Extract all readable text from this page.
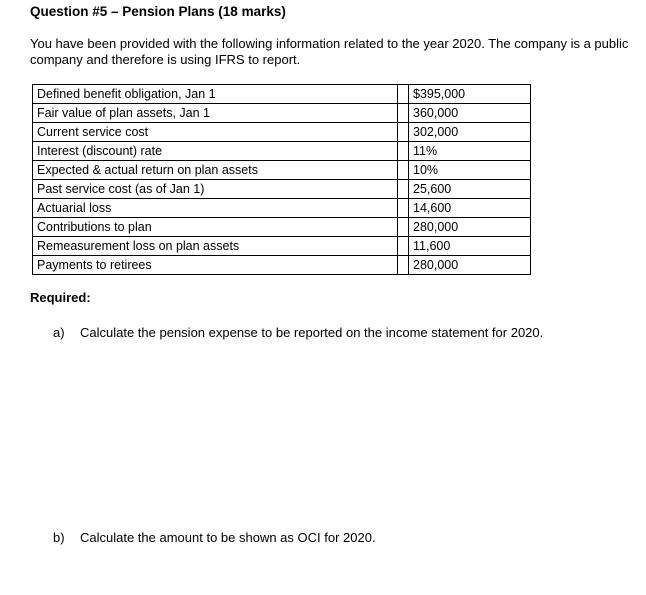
Question #5 – Pension Plans (18 marks)
You have been provided with the following information related to the year 2020. The company is a public company and therefore is using IFRS to report.
Defined benefit obligation, Jan 1		$395,000
Fair value of plan assets, Jan 1		360,000
Current service cost		302,000
Interest (discount) rate		11%
Expected & actual return on plan assets		10%
Past service cost (as of Jan 1)		25,600
Actuarial loss		14,600
Contributions to plan		280,000
Remeasurement loss on plan assets		11,600
Payments to retirees		280,000
Required:
a) Calculate the pension expense to be reported on the income statement for 2020.
b) Calculate the amount to be shown as OCI for 2020.
